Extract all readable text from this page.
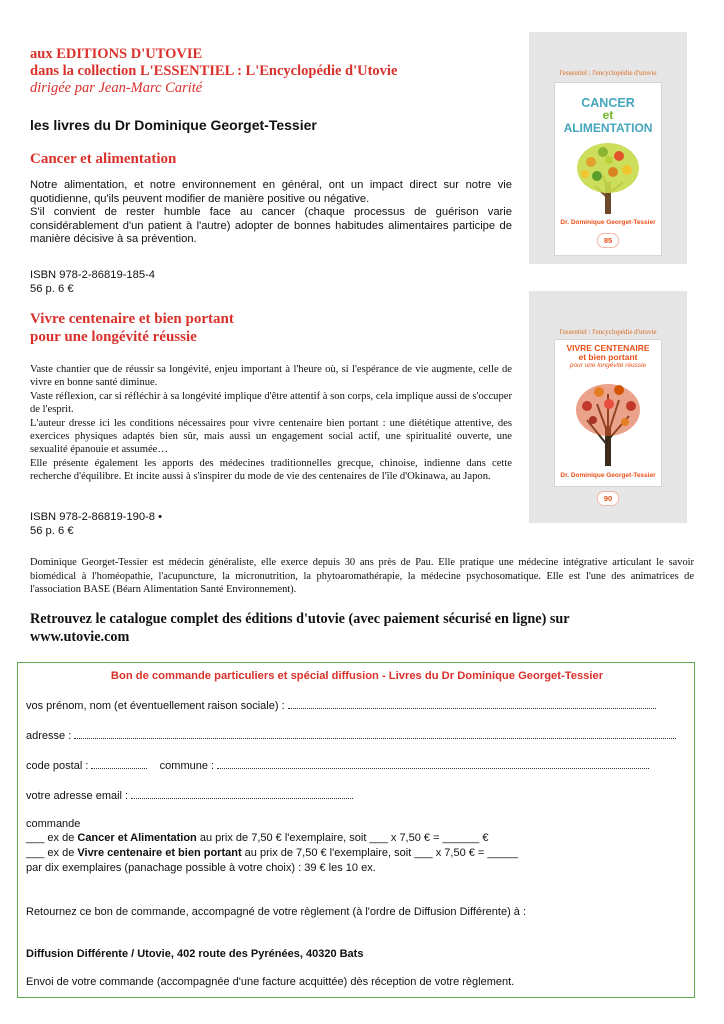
aux EDITIONS D'UTOVIE
dans la collection L'ESSENTIEL : L'Encyclopédie d'Utovie
dirigée par Jean-Marc Carité
les livres du Dr Dominique Georget-Tessier
Cancer et alimentation

Notre alimentation, et notre environnement en général, ont un impact direct sur notre vie quotidienne, qu'ils peuvent modifier de manière positive ou négative.

S'il convient de rester humble face au cancer (chaque processus de guérison varie considérablement d'un patient à l'autre) adopter de bonnes habitudes alimentaires participe de manière décisive à sa prévention.

ISBN 978-2-86819-185-4
56 p. 6 €
l'essentiel : l'encyclopédie d'utovie
CANCER
et
ALIMENTATION
Dr. Dominique Georget-Tessier
85
Vivre centenaire et bien portant
pour une longévité réussie

Vaste chantier que de réussir sa longévité, enjeu important à l'heure où, si l'espérance de vie augmente, celle de vivre en bonne santé diminue.

Vaste réflexion, car si réfléchir à sa longévité implique d'être attentif à son corps, cela implique aussi de s'occuper de l'esprit.

L'auteur dresse ici les conditions nécessaires pour vivre centenaire bien portant : une diététique attentive, des exercices physiques adaptés bien sûr, mais aussi un engagement social actif, une spiritualité ouverte, une sexualité épanouie et assumée…

Elle présente également les apports des médecines traditionnelles grecque, chinoise, indienne dans cette recherche d'équilibre. Et incite aussi à s'inspirer du mode de vie des centenaires de l'île d'Okinawa, au Japon.

ISBN 978-2-86819-190-8 •
56 p. 6 €
l'essentiel : l'encyclopédie d'utovie
VIVRE CENTENAIRE
et bien portant
pour une longévité réussie
Dr. Dominique Georget-Tessier
90
Dominique Georget-Tessier est médecin généraliste, elle exerce depuis 30 ans près de Pau. Elle pratique une médecine intégrative articulant le savoir biomédical à l'homéopathie, l'acupuncture, la micronutrition, la phytoaromathérapie, la médecine psychosomatique. Elle est l'une des animatrices de l'association BASE (Béarn Alimentation Santé Environnement).
Retrouvez le catalogue complet des éditions d'utovie (avec paiement sécurisé en ligne) sur
www.utovie.com
Bon de commande particuliers et spécial diffusion - Livres du Dr Dominique Georget-Tessier
vos prénom, nom (et éventuellement raison sociale) :
adresse :
code postal :	commune :
votre adresse email :
commande
___ ex de Cancer et Alimentation au prix de 7,50 € l'exemplaire, soit ___ x 7,50 € = ______ €
___ ex de Vivre centenaire et bien portant au prix de 7,50 € l'exemplaire, soit ___ x 7,50 € = _____
par dix exemplaires (panachage possible à votre choix) : 39 € les 10 ex.
Retournez ce bon de commande, accompagné de votre règlement (à l'ordre de Diffusion Différente) à :
Diffusion Différente / Utovie, 402 route des Pyrénées, 40320 Bats
Envoi de votre commande (accompagnée d'une facture acquittée) dès réception de votre règlement.
